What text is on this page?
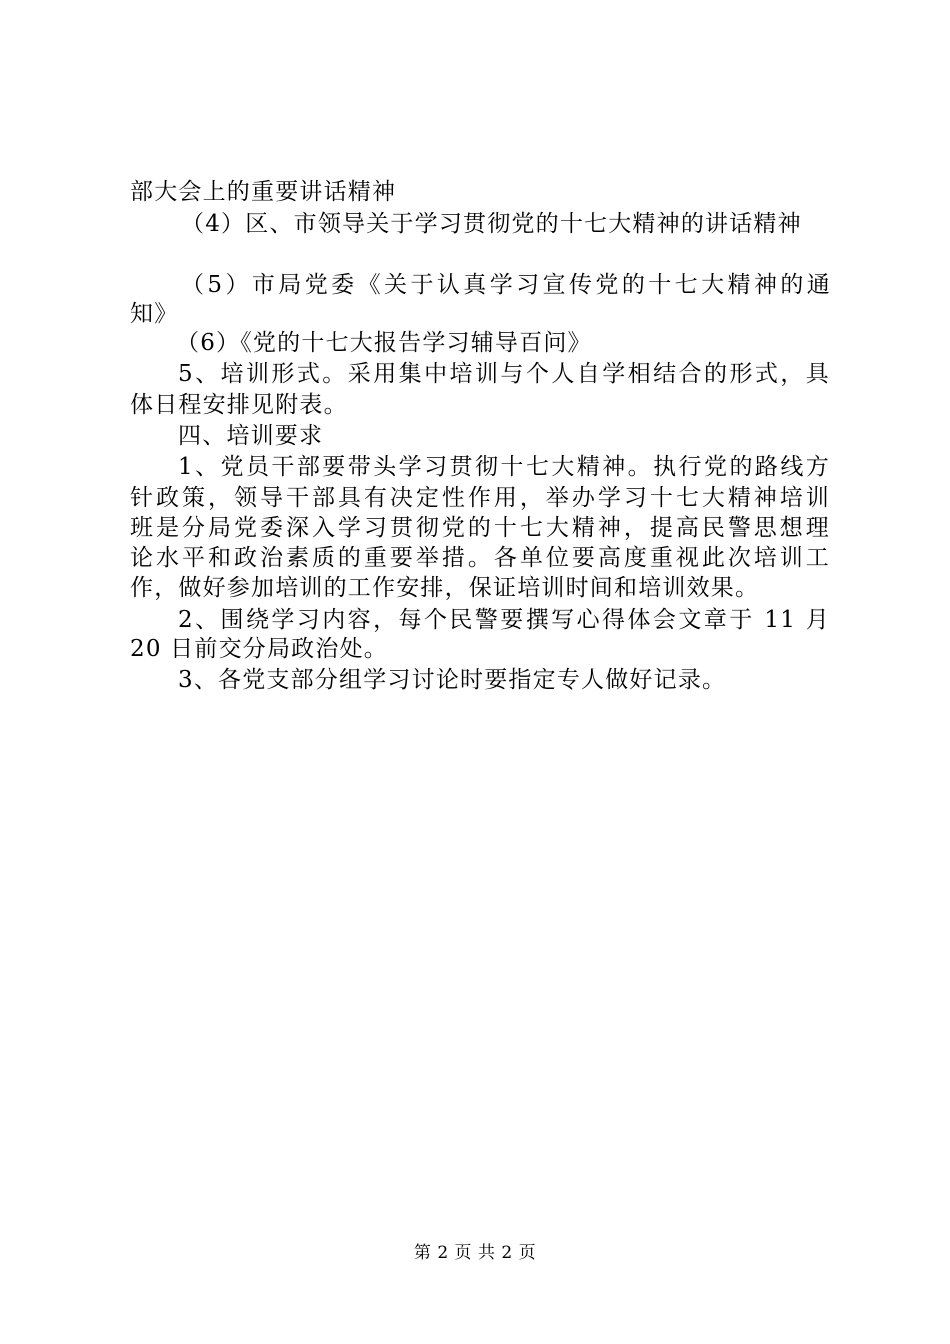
部大会上的重要讲话精神
（4）区、市领导关于学习贯彻党的十七大精神的讲话精神
（5）市局党委《关于认真学习宣传党的十七大精神的通
知》
（6）《党的十七大报告学习辅导百问》
5、培训形式。采用集中培训与个人自学相结合的形式，具
体日程安排见附表。
四、培训要求
1、党员干部要带头学习贯彻十七大精神。执行党的路线方
针政策，领导干部具有决定性作用，举办学习十七大精神培训
班是分局党委深入学习贯彻党的十七大精神，提高民警思想理
论水平和政治素质的重要举措。各单位要高度重视此次培训工
作，做好参加培训的工作安排，保证培训时间和培训效果。
2、围绕学习内容，每个民警要撰写心得体会文章于 11 月
20 日前交分局政治处。
3、各党支部分组学习讨论时要指定专人做好记录。
第 2 页 共 2 页
